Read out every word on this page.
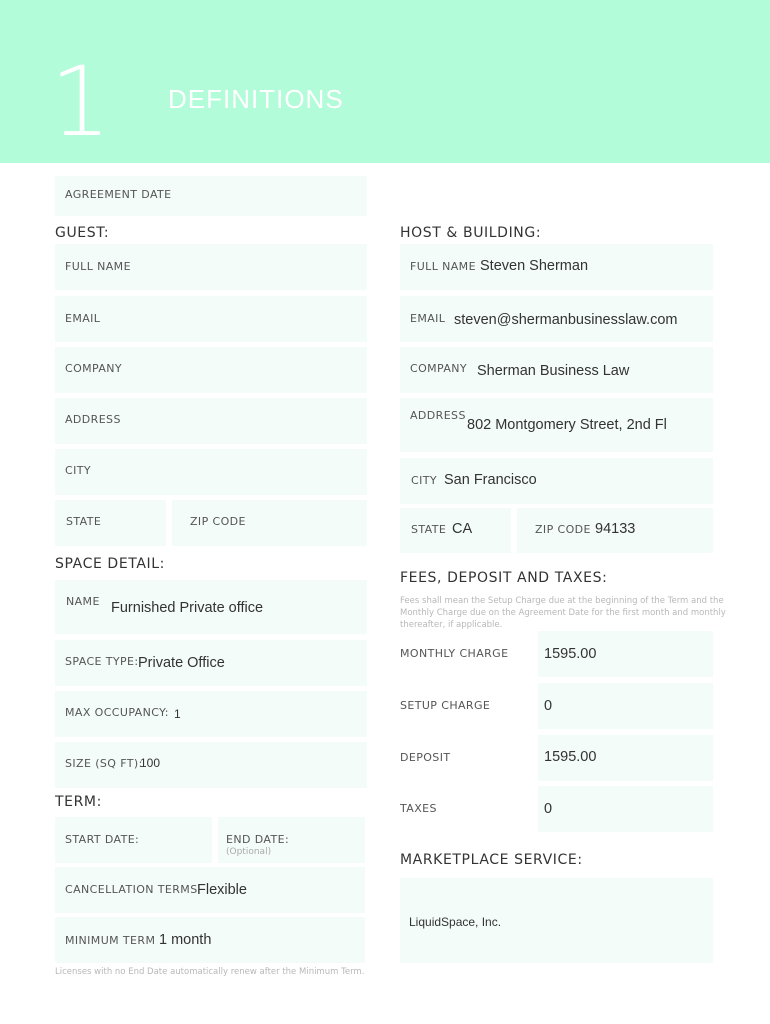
1 DEFINITIONS
AGREEMENT DATE
GUEST:
FULL NAME
EMAIL
COMPANY
ADDRESS
CITY
STATE	ZIP CODE
HOST & BUILDING:
FULL NAME Steven Sherman
EMAIL steven@shermanbusinesslaw.com
COMPANY Sherman Business Law
ADDRESS
802 Montgomery Street, 2nd Fl
CITY San Francisco
STATE CA	ZIP CODE 94133
SPACE DETAIL:
NAME Furnished Private office
SPACE TYPE: Private Office
MAX OCCUPANCY: 1
SIZE (SQ FT):
100
FEES, DEPOSIT AND TAXES:
Fees shall mean the Setup Charge due at the beginning of the Term and the
Monthly Charge due on the Agreement Date for the first month and monthly
thereafter, if applicable.
MONTHLY CHARGE 1595.00
SETUP CHARGE	0
DEPOSIT	1595.00
TAXES	0
TERM:
START DATE:	END DATE:
(Optional)
CANCELLATION TERMS Flexible
MINIMUM TERM 1 month
Licenses with no End Date automatically renew after the Minimum Term.
MARKETPLACE SERVICE:
LiquidSpace, Inc.
